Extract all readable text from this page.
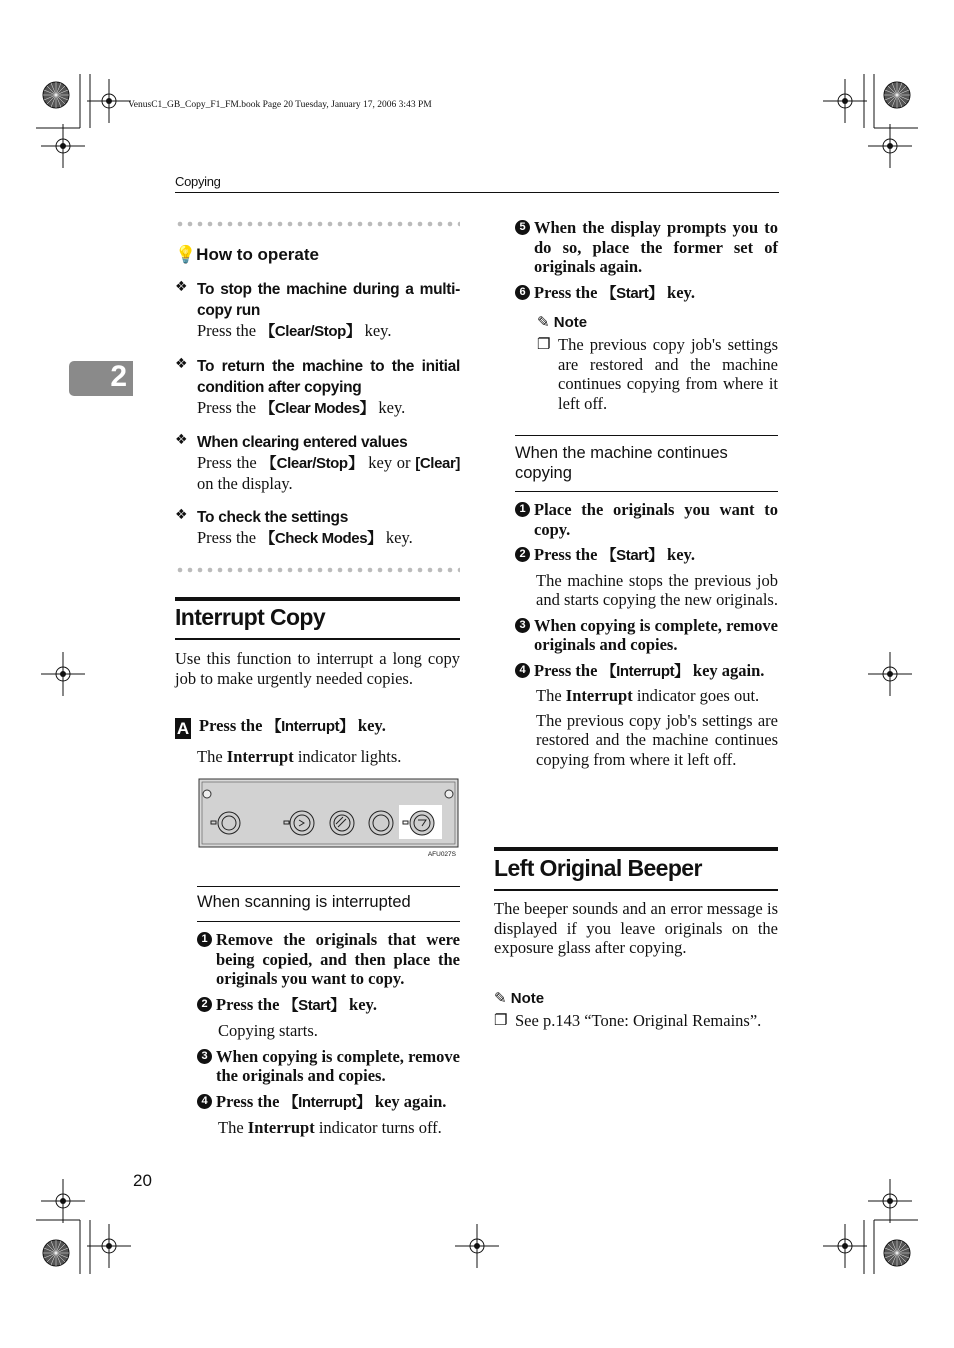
VenusC1_GB_Copy_F1_FM.book Page 20 Tuesday, January 17, 2006 3:43 PM
Copying
2
💡How to operate
❖ To stop the machine during a multi-copy run
Press the 【Clear/Stop】 key.
❖ To return the machine to the initial condition after copying
Press the 【Clear Modes】 key.
❖ When clearing entered values
Press the 【Clear/Stop】 key or [Clear] on the display.
❖ To check the settings
Press the 【Check Modes】 key.
Interrupt Copy
Use this function to interrupt a long copy job to make urgently needed copies.
A Press the 【Interrupt】 key.
The Interrupt indicator lights.
AFU027S
When scanning is interrupted
1 Remove the originals that were being copied, and then place the originals you want to copy.
2 Press the 【Start】 key.
Copying starts.
3 When copying is complete, remove the originals and copies.
4 Press the 【Interrupt】 key again.
The Interrupt indicator turns off.
20
5 When the display prompts you to do so, place the former set of originals again.
6 Press the 【Start】 key.
✎ Note
❐ The previous copy job's settings are restored and the machine continues copying from where it left off.
When the machine continues copying
1 Place the originals you want to copy.
2 Press the 【Start】 key.
The machine stops the previous job and starts copying the new originals.
3 When copying is complete, remove originals and copies.
4 Press the 【Interrupt】 key again.
The Interrupt indicator goes out.
The previous copy job's settings are restored and the machine continues copying from where it left off.
Left Original Beeper
The beeper sounds and an error message is displayed if you leave originals on the exposure glass after copying.
✎ Note
❐ See p.143 “Tone: Original Remains”.
